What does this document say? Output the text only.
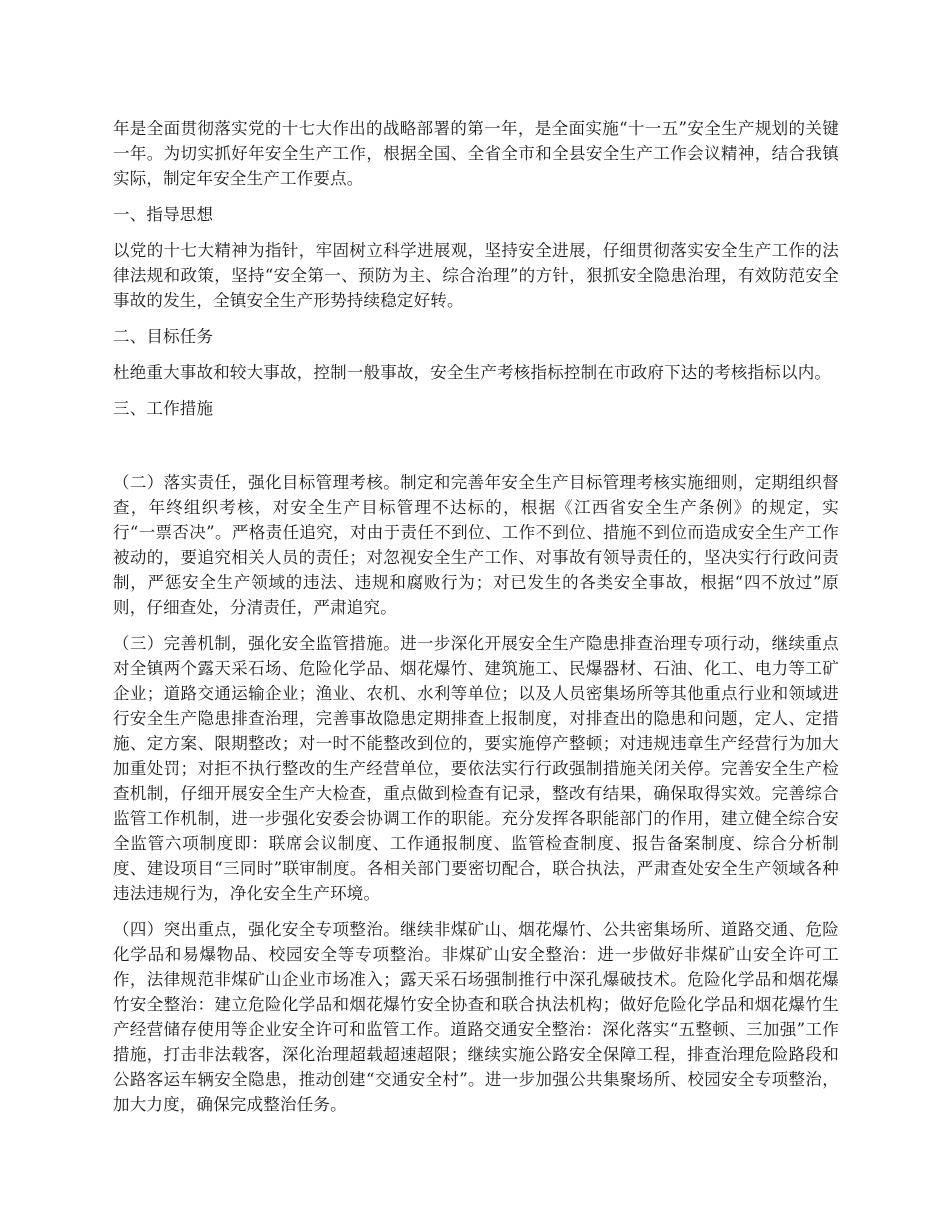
年是全面贯彻落实党的十七大作出的战略部署的第一年，是全面实施“十一五”安全生产规划的关键一年。为切实抓好年安全生产工作，根据全国、全省全市和全县安全生产工作会议精神，结合我镇实际，制定年安全生产工作要点。

一、指导思想

以党的十七大精神为指针，牢固树立科学进展观，坚持安全进展，仔细贯彻落实安全生产工作的法律法规和政策，坚持“安全第一、预防为主、综合治理”的方针，狠抓安全隐患治理，有效防范安全事故的发生，全镇安全生产形势持续稳定好转。

二、目标任务

杜绝重大事故和较大事故，控制一般事故，安全生产考核指标控制在市政府下达的考核指标以内。

三、工作措施

（二）落实责任，强化目标管理考核。制定和完善年安全生产目标管理考核实施细则，定期组织督查，年终组织考核，对安全生产目标管理不达标的，根据《江西省安全生产条例》的规定，实行“一票否决”。严格责任追究，对由于责任不到位、工作不到位、措施不到位而造成安全生产工作被动的，要追究相关人员的责任；对忽视安全生产工作、对事故有领导责任的，坚决实行行政问责制，严惩安全生产领域的违法、违规和腐败行为；对已发生的各类安全事故，根据“四不放过”原则，仔细查处，分清责任，严肃追究。

（三）完善机制，强化安全监管措施。进一步深化开展安全生产隐患排查治理专项行动，继续重点对全镇两个露天采石场、危险化学品、烟花爆竹、建筑施工、民爆器材、石油、化工、电力等工矿企业；道路交通运输企业；渔业、农机、水利等单位；以及人员密集场所等其他重点行业和领域进行安全生产隐患排查治理，完善事故隐患定期排查上报制度，对排查出的隐患和问题，定人、定措施、定方案、限期整改；对一时不能整改到位的，要实施停产整顿；对违规违章生产经营行为加大加重处罚；对拒不执行整改的生产经营单位，要依法实行行政强制措施关闭关停。完善安全生产检查机制，仔细开展安全生产大检查，重点做到检查有记录，整改有结果，确保取得实效。完善综合监管工作机制，进一步强化安委会协调工作的职能。充分发挥各职能部门的作用，建立健全综合安全监管六项制度即：联席会议制度、工作通报制度、监管检查制度、报告备案制度、综合分析制度、建设项目“三同时”联审制度。各相关部门要密切配合，联合执法，严肃查处安全生产领域各种违法违规行为，净化安全生产环境。

（四）突出重点，强化安全专项整治。继续非煤矿山、烟花爆竹、公共密集场所、道路交通、危险化学品和易爆物品、校园安全等专项整治。非煤矿山安全整治：进一步做好非煤矿山安全许可工作，法律规范非煤矿山企业市场准入；露天采石场强制推行中深孔爆破技术。危险化学品和烟花爆竹安全整治：建立危险化学品和烟花爆竹安全协查和联合执法机构；做好危险化学品和烟花爆竹生产经营储存使用等企业安全许可和监管工作。道路交通安全整治：深化落实“五整顿、三加强”工作措施，打击非法载客，深化治理超载超速超限；继续实施公路安全保障工程，排查治理危险路段和公路客运车辆安全隐患，推动创建“交通安全村”。进一步加强公共集聚场所、校园安全专项整治，加大力度，确保完成整治任务。
